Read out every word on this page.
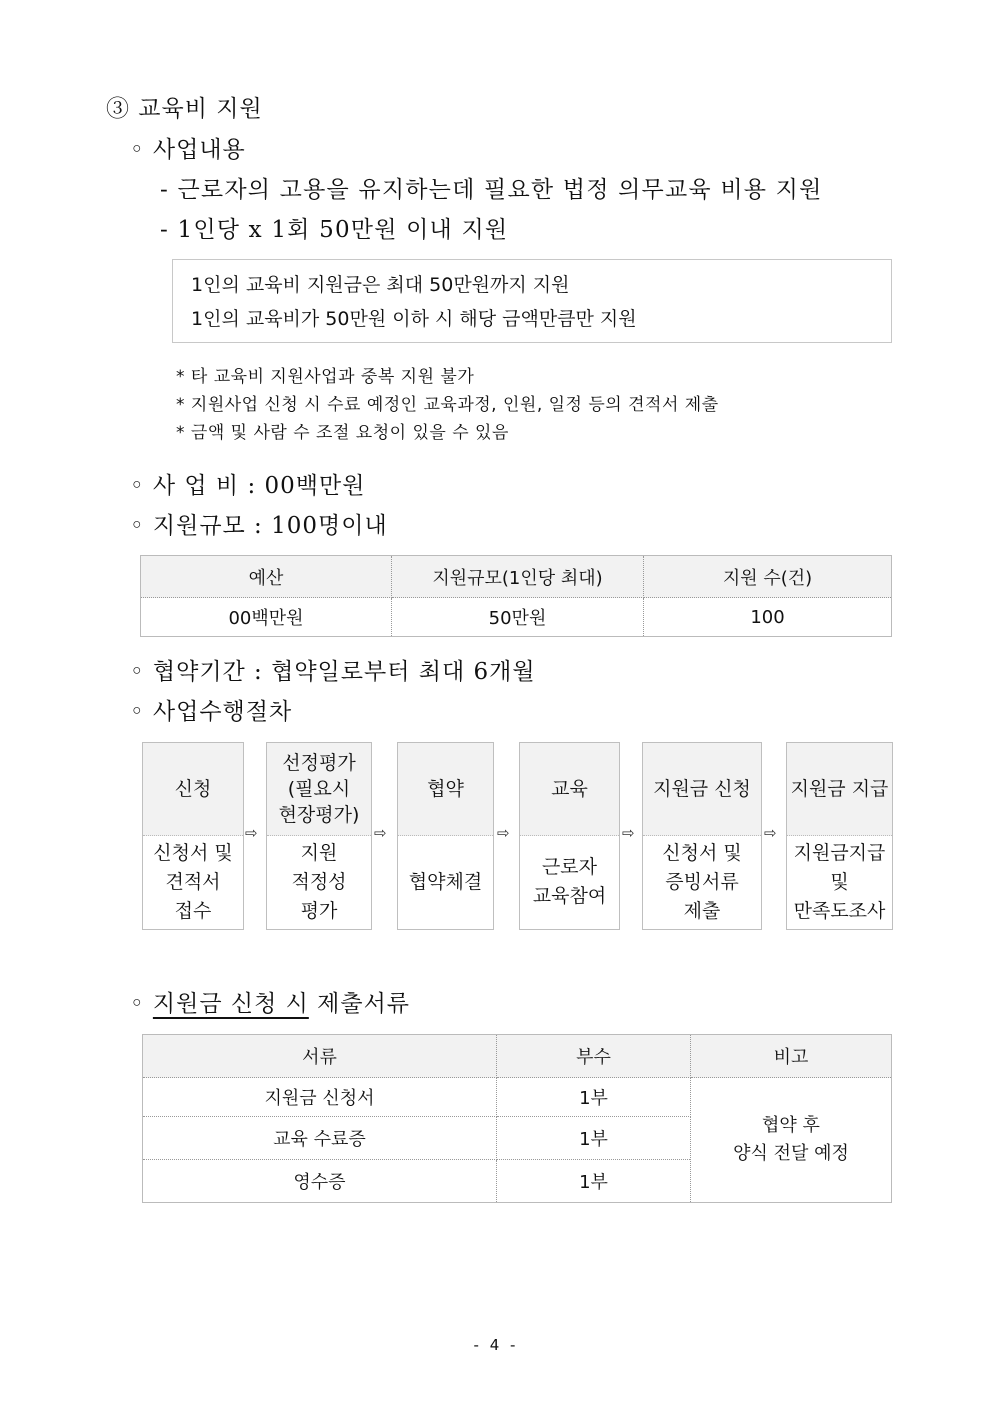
③ 교육비 지원
◦ 사업내용
- 근로자의 고용을 유지하는데 필요한 법정 의무교육 비용 지원
- 1인당 x 1회 50만원 이내 지원
1인의 교육비 지원금은 최대 50만원까지 지원
1인의 교육비가 50만원 이하 시 해당 금액만큼만 지원
* 타 교육비 지원사업과 중복 지원 불가
* 지원사업 신청 시 수료 예정인 교육과정, 인원, 일정 등의 견적서 제출
* 금액 및 사람 수 조절 요청이 있을 수 있음
◦ 사 업 비 : 00백만원
◦ 지원규모 : 100명이내
예산	지원규모(1인당 최대)	지원 수(건)
00백만원	50만원	100
◦ 협약기간 : 협약일로부터 최대 6개월
◦ 사업수행절차
신청
신청서 및
견적서
접수
⇨
선정평가
(필요시
현장평가)
지원
적정성
평가
⇨
협약
협약체결
⇨
교육
근로자
교육참여
⇨
지원금 신청
신청서 및
증빙서류
제출
⇨
지원금 지급
지원금지급
및
만족도조사
◦ 지원금 신청 시 제출서류
서류	부수	비고
지원금 신청서	1부	협약 후
양식 전달 예정
교육 수료증	1부	
영수증	1부	
- 4 -
